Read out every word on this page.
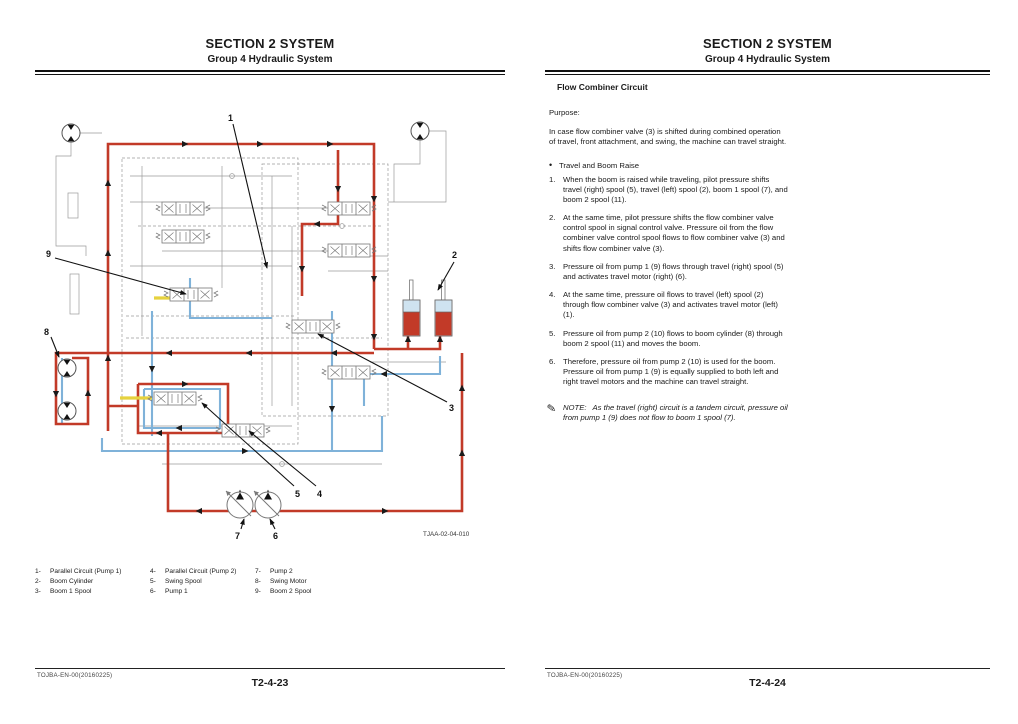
SECTION 2 SYSTEM
Group 4 Hydraulic System
1
2
3
4
5
6
7
8
9
TJAA-02-04-010
1- Parallel Circuit (Pump 1)
2- Boom Cylinder
3- Boom 1 Spool
4- Parallel Circuit (Pump 2)
5- Swing Spool
6- Pump 1
7- Pump 2
8- Swing Motor
9- Boom 2 Spool
TOJBA-EN-00(20160225)
T2-4-23
SECTION 2 SYSTEM
Group 4 Hydraulic System
Flow Combiner Circuit

Purpose:

In case flow combiner valve (3) is shifted during combined operation of travel, front attachment, and swing, the machine can travel straight.

• Travel and Boom Raise
1. When the boom is raised while traveling, pilot pressure shifts travel (right) spool (5), travel (left) spool (2), boom 1 spool (7), and boom 2 spool (11).
2. At the same time, pilot pressure shifts the flow combiner valve control spool in signal control valve. Pressure oil from the flow combiner valve control spool flows to flow combiner valve (3) and shifts flow combiner valve (3).
3. Pressure oil from pump 1 (9) flows through travel (right) spool (5) and activates travel motor (right) (6).
4. At the same time, pressure oil flows to travel (left) spool (2) through flow combiner valve (3) and activates travel motor (left) (1).
5. Pressure oil from pump 2 (10) flows to boom cylinder (8) through boom 2 spool (11) and moves the boom.
6. Therefore, pressure oil from pump 2 (10) is used for the boom. Pressure oil from pump 1 (9) is equally supplied to both left and right travel motors and the machine can travel straight.
✎ NOTE: As the travel (right) circuit is a tandem circuit, pressure oil from pump 1 (9) does not flow to boom 1 spool (7).
TOJBA-EN-00(20160225)
T2-4-24
